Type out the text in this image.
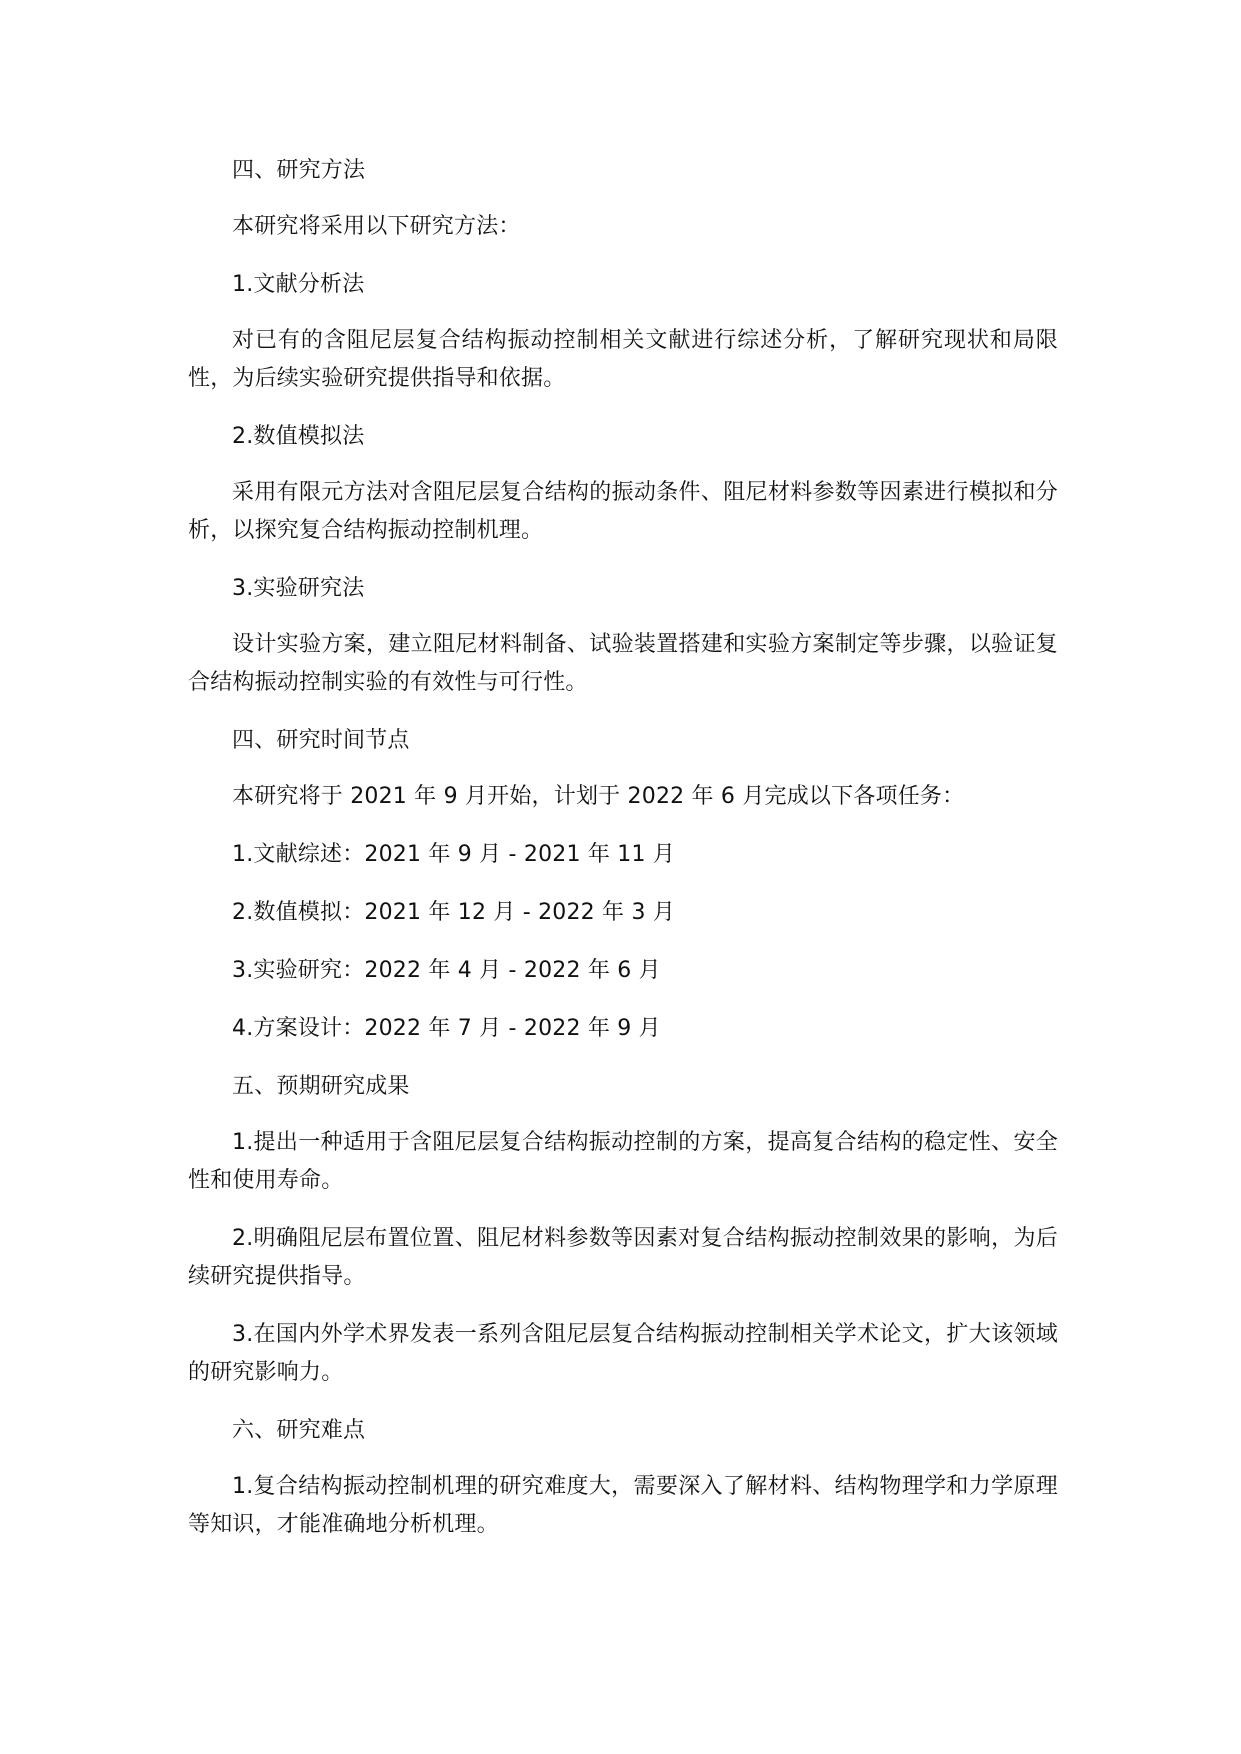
四、研究方法

本研究将采用以下研究方法：

1.文献分析法

对已有的含阻尼层复合结构振动控制相关文献进行综述分析，了解研究现状和局限性，为后续实验研究提供指导和依据。

2.数值模拟法

采用有限元方法对含阻尼层复合结构的振动条件、阻尼材料参数等因素进行模拟和分析，以探究复合结构振动控制机理。

3.实验研究法

设计实验方案，建立阻尼材料制备、试验装置搭建和实验方案制定等步骤，以验证复合结构振动控制实验的有效性与可行性。

四、研究时间节点

本研究将于 2021 年 9 月开始，计划于 2022 年 6 月完成以下各项任务：

1.文献综述：2021 年 9 月 - 2021 年 11 月

2.数值模拟：2021 年 12 月 - 2022 年 3 月

3.实验研究：2022 年 4 月 - 2022 年 6 月

4.方案设计：2022 年 7 月 - 2022 年 9 月

五、预期研究成果

1.提出一种适用于含阻尼层复合结构振动控制的方案，提高复合结构的稳定性、安全性和使用寿命。

2.明确阻尼层布置位置、阻尼材料参数等因素对复合结构振动控制效果的影响，为后续研究提供指导。

3.在国内外学术界发表一系列含阻尼层复合结构振动控制相关学术论文，扩大该领域的研究影响力。

六、研究难点

1.复合结构振动控制机理的研究难度大，需要深入了解材料、结构物理学和力学原理等知识，才能准确地分析机理。
